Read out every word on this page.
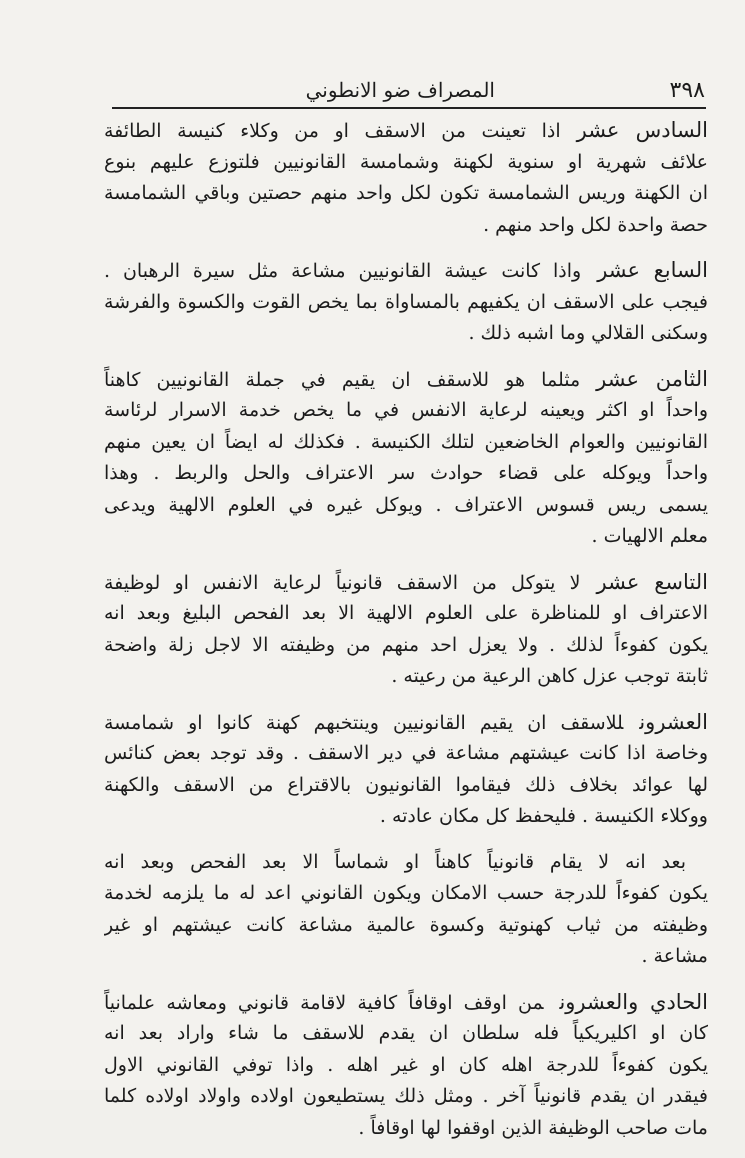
٣٩٨
المصراف ضو الانطوني
السادس عشراذا تعينت من الاسقف او من وكلاء كنيسة الطائفة
علائف شهرية او سنوية لكهنة وشمامسة القانونيين فلتوزع عليهم بنوع
ان الكهنة وريس الشمامسة تكون لكل واحد منهم حصتين وباقي الشمامسة
حصة واحدة لكل واحد منهم .
السابع عشرواذا كانت عيشة القانونيين مشاعة مثل سيرة الرهبان .
فيجب على الاسقف ان يكفيهم بالمساواة بما يخص القوت والكسوة والفرشة
وسكنى القلالي وما اشبه ذلك .
الثامن عشرمثلما هو للاسقف ان يقيم في جملة القانونيين كاهناً
واحداً او اكثر ويعينه لرعاية الانفس في ما يخص خدمة الاسرار لرئاسة
القانونيين والعوام الخاضعين لتلك الكنيسة . فكذلك له ايضاً ان يعين منهم
واحداً ويوكله على قضاء حوادث سر الاعتراف والحل والربط . وهذا
يسمى ريس قسوس الاعتراف . ويوكل غيره في العلوم الالهية ويدعى
معلم الالهيات .
التاسع عشرلا يتوكل من الاسقف قانونياً لرعاية الانفس او لوظيفة
الاعتراف او للمناظرة على العلوم الالهية الا بعد الفحص البليغ وبعد انه
يكون كفوءاً لذلك . ولا يعزل احد منهم من وظيفته الا لاجل زلة واضحة
ثابتة توجب عزل كاهن الرعية من رعيته .
العشرونللاسقف ان يقيم القانونيين وينتخبهم كهنة كانوا او شمامسة
وخاصة اذا كانت عيشتهم مشاعة في دير الاسقف . وقد توجد بعض كنائس
لها عوائد بخلاف ذلك فيقاموا القانونيون بالاقتراع من الاسقف والكهنة
ووكلاء الكنيسة . فليحفظ كل مكان عادته .
بعد انه لا يقام قانونياً كاهناً او شماساً الا بعد الفحص وبعد انه
يكون كفوءاً للدرجة حسب الامكان ويكون القانوني اعد له ما يلزمه لخدمة
وظيفته من ثياب كهنوتية وكسوة عالمية مشاعة كانت عيشتهم او غير
مشاعة .
الحادي والعشرونمن اوقف اوقافاً كافية لاقامة قانوني ومعاشه علمانياً
كان او اكليريكياً فله سلطان ان يقدم للاسقف ما شاء واراد بعد انه
يكون كفوءاً للدرجة اهله كان او غير اهله . واذا توفي القانوني الاول
فيقدر ان يقدم قانونياً آخر . ومثل ذلك يستطيعون اولاده واولاد اولاده كلما
مات صاحب الوظيفة الذين اوقفوا لها اوقافاً .
